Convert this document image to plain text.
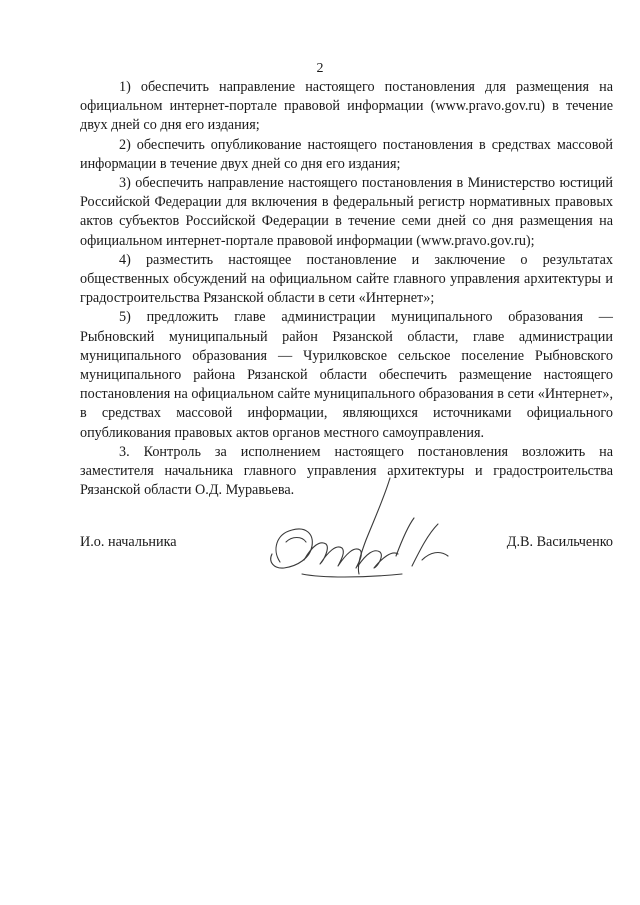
2

1) обеспечить направление настоящего постановления для размещения на официальном интернет-портале правовой информации (www.pravo.gov.ru) в течение двух дней со дня его издания;

2) обеспечить опубликование настоящего постановления в средствах массовой информации в течение двух дней со дня его издания;

3) обеспечить направление настоящего постановления в Министерство юстиций Российской Федерации для включения в федеральный регистр нормативных правовых актов субъектов Российской Федерации в течение семи дней со дня размещения на официальном интернет-портале правовой информации (www.pravo.gov.ru);

4) разместить настоящее постановление и заключение о результатах общественных обсуждений на официальном сайте главного управления архитектуры и градостроительства Рязанской области в сети «Интернет»;

5) предложить главе администрации муниципального образования — Рыбновский муниципальный район Рязанской области, главе администрации муниципального образования — Чурилковское сельское поселение Рыбновского муниципального района Рязанской области обеспечить размещение настоящего постановления на официальном сайте муниципального образования в сети «Интернет», в средствах массовой информации, являющихся источниками официального опубликования правовых актов органов местного самоуправления.

3. Контроль за исполнением настоящего постановления возложить на заместителя начальника главного управления архитектуры и градостроительства Рязанской области О.Д. Муравьева.

И.о. начальника	Д.В. Васильченко
